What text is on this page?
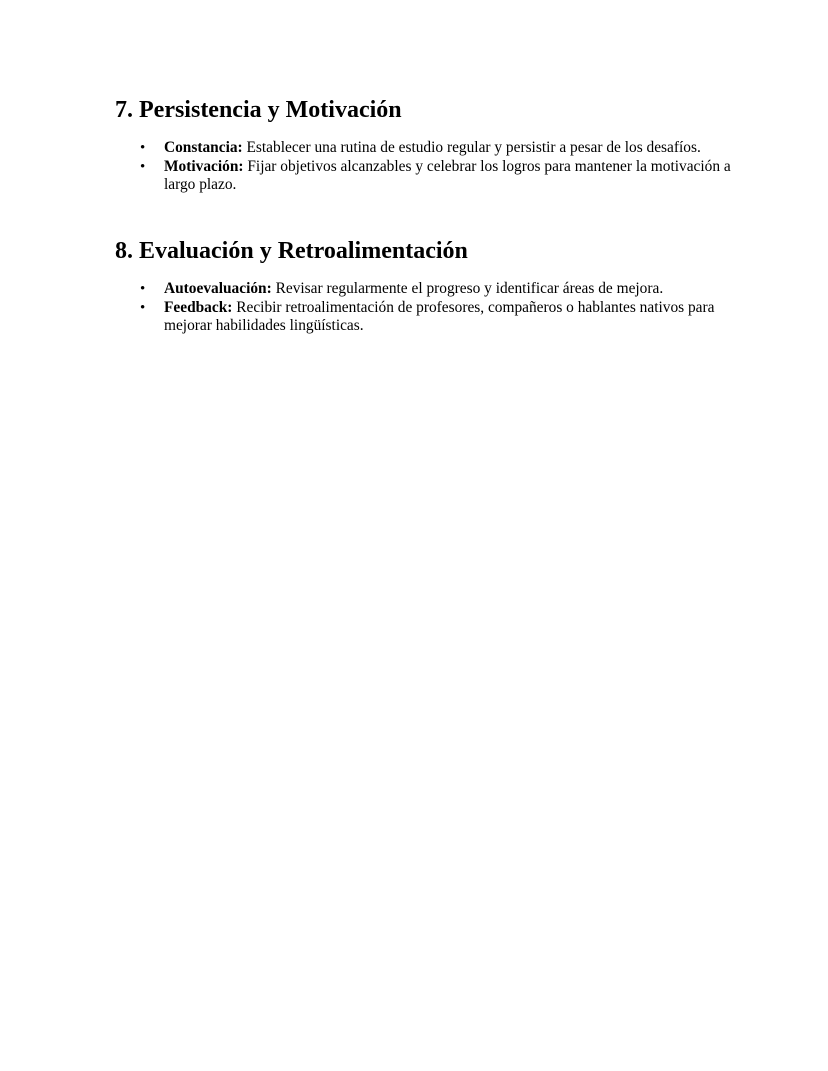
7. Persistencia y Motivación
• Constancia: Establecer una rutina de estudio regular y persistir a pesar de los desafíos.
• Motivación: Fijar objetivos alcanzables y celebrar los logros para mantener la motivación a largo plazo.
8. Evaluación y Retroalimentación
• Autoevaluación: Revisar regularmente el progreso y identificar áreas de mejora.
• Feedback: Recibir retroalimentación de profesores, compañeros o hablantes nativos para mejorar habilidades lingüísticas.
